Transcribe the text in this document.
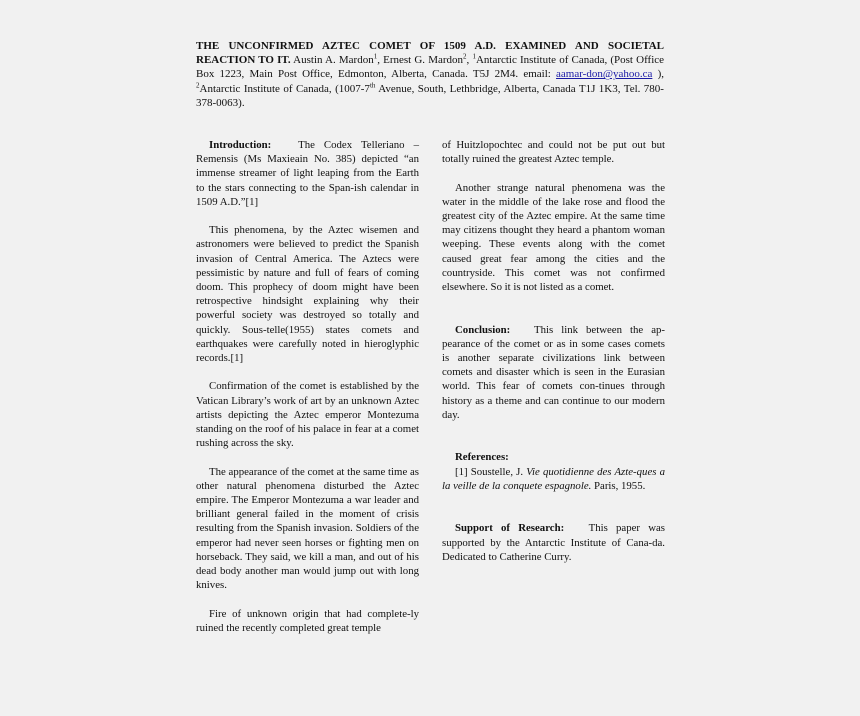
THE UNCONFIRMED AZTEC COMET OF 1509 A.D. EXAMINED AND SOCIETAL REACTION TO IT. Austin A. Mardon$^1$, Ernest G. Mardon$^2$, $^1$Antarctic Institute of Canada, (Post Office Box 1223, Main Post Office, Edmonton, Alberta, Canada. T5J 2M4. email: aamar-don@yahoo.ca ), $^2$Antarctic Institute of Canada, (1007-7th Avenue, South, Lethbridge, Alberta, Canada T1J 1K3, Tel. 780-378-0063).

Introduction: The Codex Telleriano – Remensis (Ms Maxieain No. 385) depicted “an immense streamer of light leaping from the Earth to the stars connecting to the Span-ish calendar in 1509 A.D.”[1]

This phenomena, by the Aztec wisemen and astronomers were believed to predict the Spanish invasion of Central America. The Aztecs were pessimistic by nature and full of fears of coming doom. This prophecy of doom might have been retrospective hindsight explaining why their powerful society was destroyed so totally and quickly. Sous-telle(1955) states comets and earthquakes were carefully noted in hieroglyphic records.[1]

Confirmation of the comet is established by the Vatican Library’s work of art by an unknown Aztec artists depicting the Aztec emperor Montezuma standing on the roof of his palace in fear at a comet rushing across the sky.

The appearance of the comet at the same time as other natural phenomena disturbed the Aztec empire. The Emperor Montezuma a war leader and brilliant general failed in the moment of crisis resulting from the Spanish invasion. Soldiers of the emperor had never seen horses or fighting men on horseback. They said, we kill a man, and out of his dead body another man would jump out with long knives.

Fire of unknown origin that had complete-ly ruined the recently completed great temple

of Huitzlopochtec and could not be put out but totally ruined the greatest Aztec temple.

Another strange natural phenomena was the water in the middle of the lake rose and flood the greatest city of the Aztec empire. At the same time may citizens thought they heard a phantom woman weeping. These events along with the comet caused great fear among the cities and the countryside. This comet was not confirmed elsewhere. So it is not listed as a comet.

Conclusion: This link between the ap-pearance of the comet or as in some cases comets is another separate civilizations link between comets and disaster which is seen in the Eurasian world. This fear of comets con-tinues through history as a theme and can continue to our modern day.

References:

[1] Soustelle, J. Vie quotidienne des Azte-ques a la veille de la conquete espagnole. Paris, 1955.

Support of Research: This paper was supported by the Antarctic Institute of Cana-da. Dedicated to Catherine Curry.
